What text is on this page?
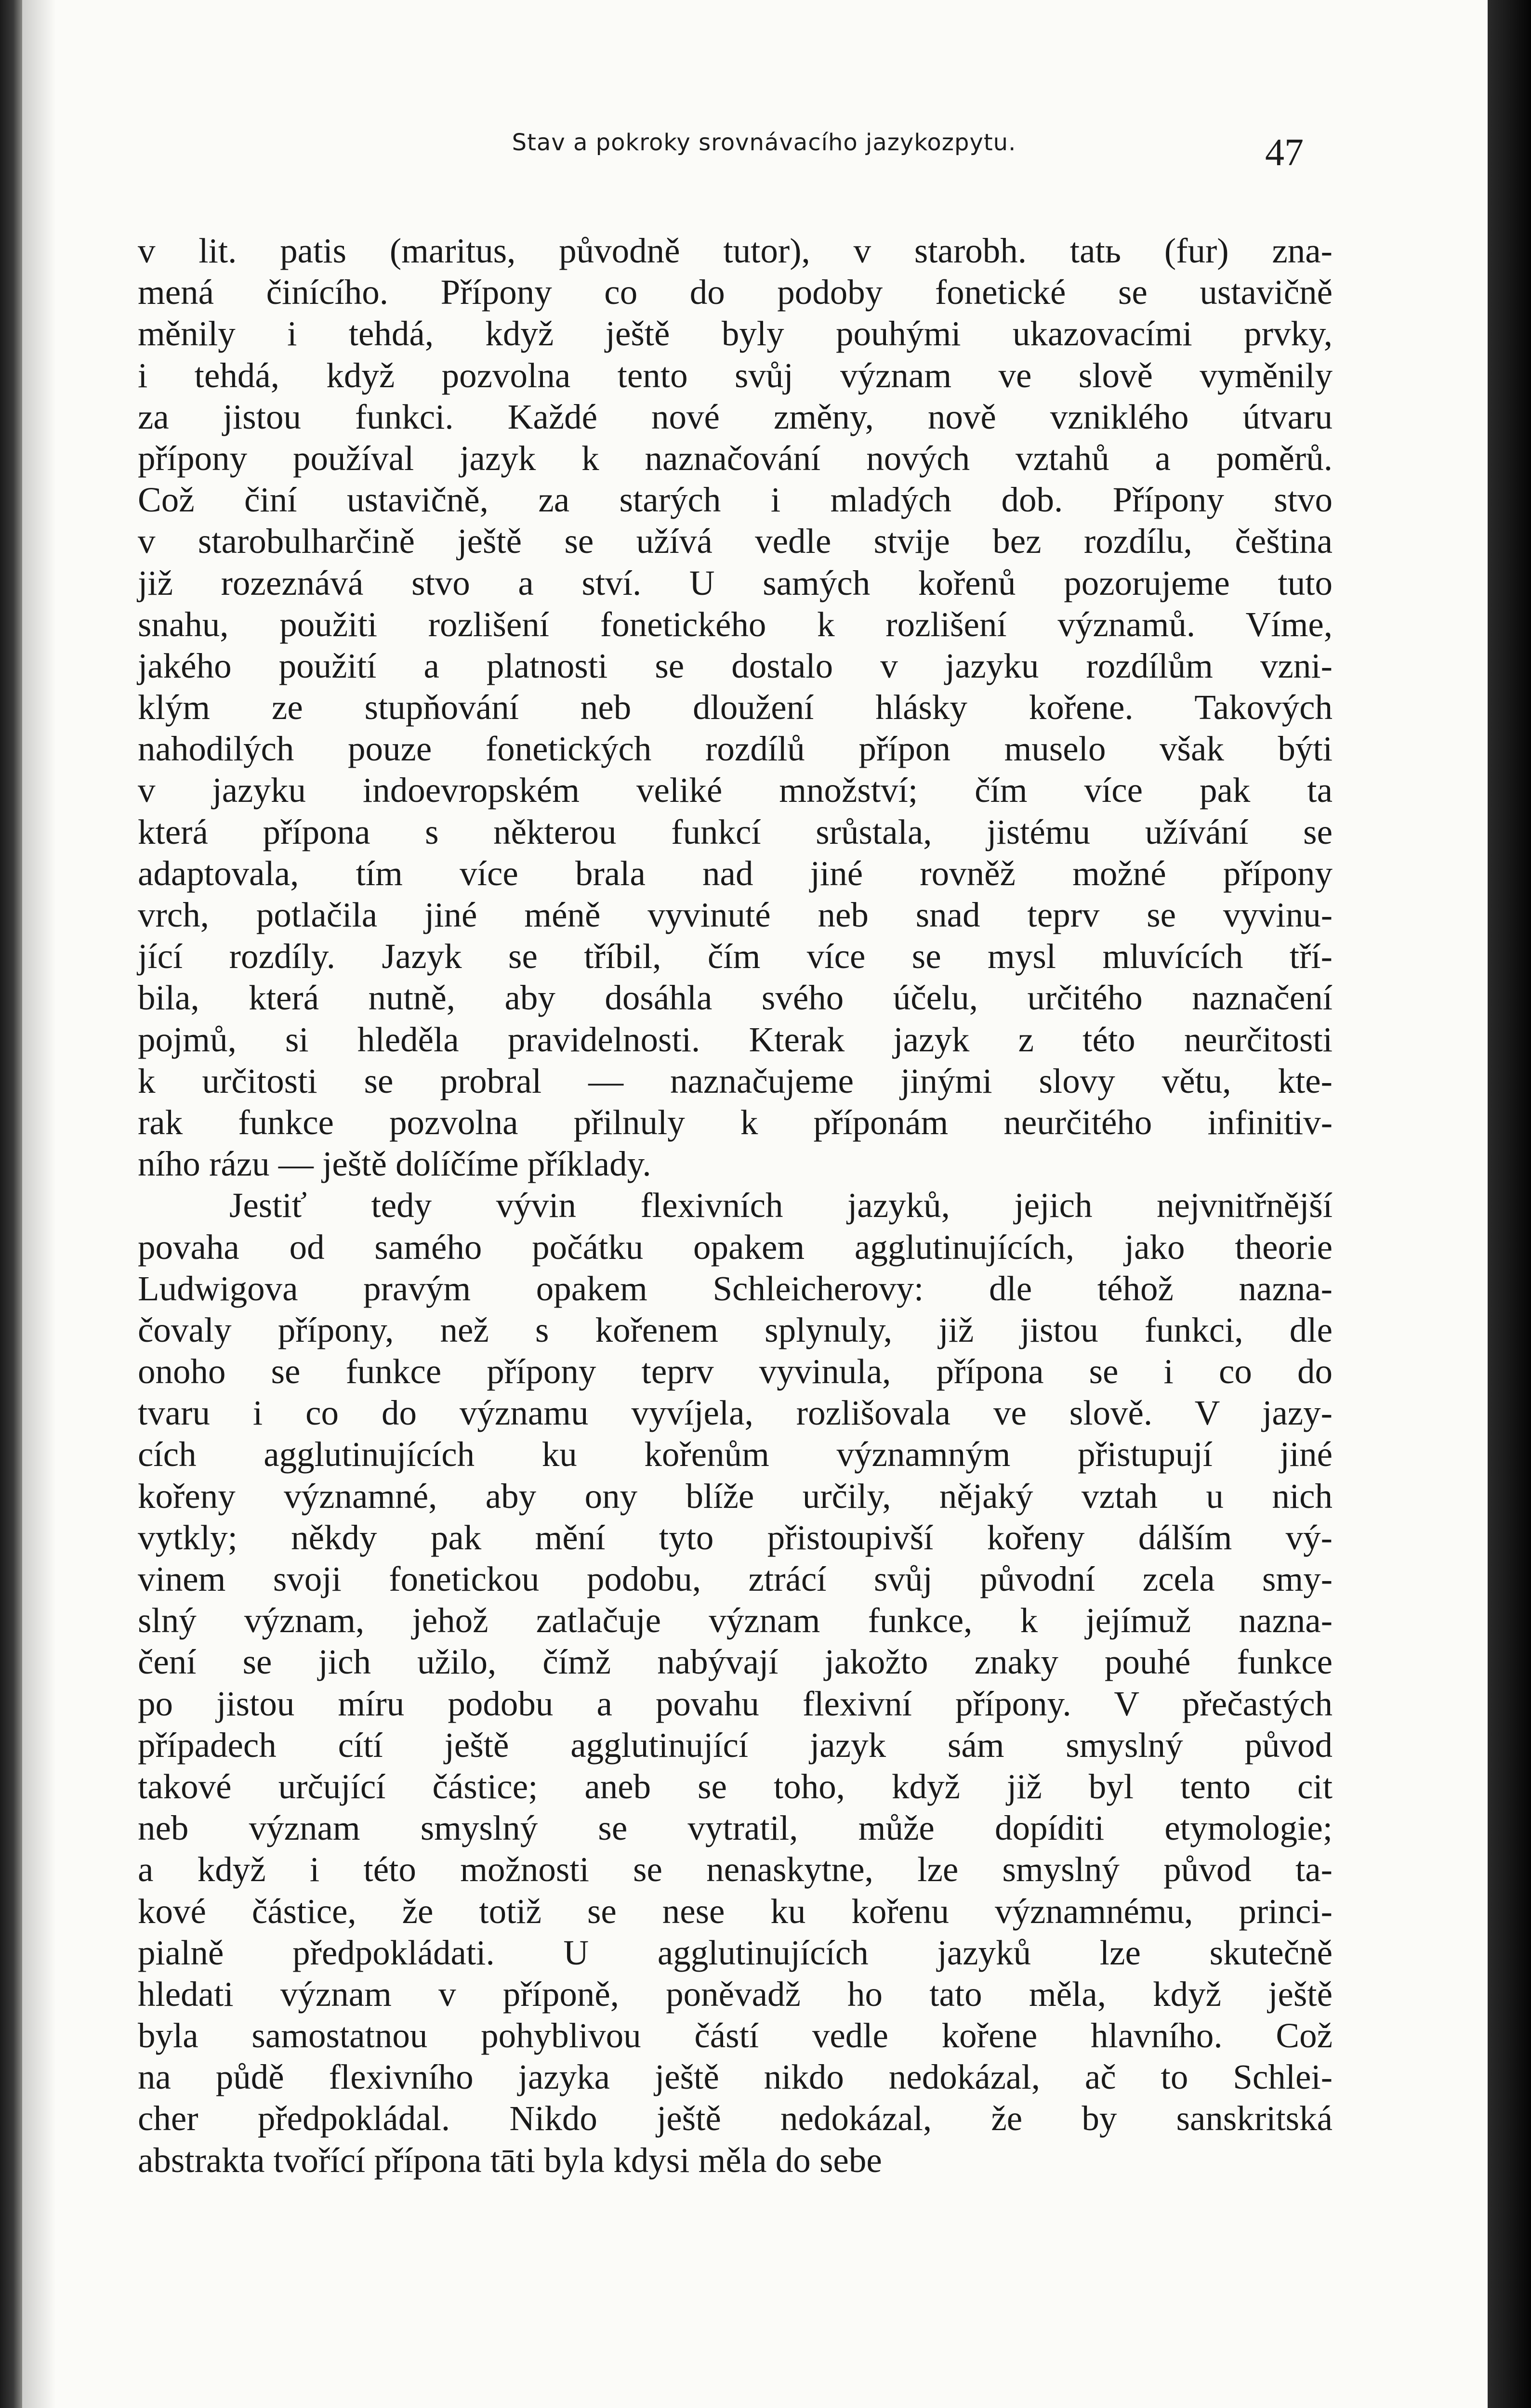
Stav a pokroky srovnávacího jazykozpytu.	47
v lit. patis (maritus, původně tutor), v starobh. tatь (fur) zna-
mená činícího. Přípony co do podoby fonetické se ustavičně
měnily i tehdá, když ještě byly pouhými ukazovacími prvky,
i tehdá, když pozvolna tento svůj význam ve slově vyměnily
za jistou funkci. Každé nové změny, nově vzniklého útvaru
přípony používal jazyk k naznačování nových vztahů a poměrů.
Což činí ustavičně, za starých i mladých dob. Přípony stvo
v starobulharčině ještě se užívá vedle stvije bez rozdílu, čeština
již rozeznává stvo a ství. U samých kořenů pozorujeme tuto
snahu, použiti rozlišení fonetického k rozlišení významů. Víme,
jakého použití a platnosti se dostalo v jazyku rozdílům vzni-
klým ze stupňování neb dloužení hlásky kořene. Takových
nahodilých pouze fonetických rozdílů přípon muselo však býti
v jazyku indoevropském veliké množství; čím více pak ta
která přípona s některou funkcí srůstala, jistému užívání se
adaptovala, tím více brala nad jiné rovněž možné přípony
vrch, potlačila jiné méně vyvinuté neb snad teprv se vyvinu-
jící rozdíly. Jazyk se tříbil, čím více se mysl mluvících tří-
bila, která nutně, aby dosáhla svého účelu, určitého naznačení
pojmů, si hleděla pravidelnosti. Kterak jazyk z této neurčitosti
k určitosti se probral — naznačujeme jinými slovy větu, kte-
rak funkce pozvolna přilnuly k příponám neurčitého infinitiv-
ního rázu — ještě dolíčíme příklady.
Jestiť tedy vývin flexivních jazyků, jejich nejvnitřnější
povaha od samého počátku opakem agglutinujících, jako theorie
Ludwigova pravým opakem Schleicherovy: dle téhož nazna-
čovaly přípony, než s kořenem splynuly, již jistou funkci, dle
onoho se funkce přípony teprv vyvinula, přípona se i co do
tvaru i co do významu vyvíjela, rozlišovala ve slově. V jazy-
cích agglutinujících ku kořenům významným přistupují jiné
kořeny významné, aby ony blíže určily, nějaký vztah u nich
vytkly; někdy pak mění tyto přistoupivší kořeny dálším vý-
vinem svoji fonetickou podobu, ztrácí svůj původní zcela smy-
slný význam, jehož zatlačuje význam funkce, k jejímuž nazna-
čení se jich užilo, čímž nabývají jakožto znaky pouhé funkce
po jistou míru podobu a povahu flexivní přípony. V přečastých
případech cítí ještě agglutinující jazyk sám smyslný původ
takové určující částice; aneb se toho, když již byl tento cit
neb význam smyslný se vytratil, může dopíditi etymologie;
a když i této možnosti se nenaskytne, lze smyslný původ ta-
kové částice, že totiž se nese ku kořenu významnému, princi-
pialně předpokládati. U agglutinujících jazyků lze skutečně
hledati význam v příponě, poněvadž ho tato měla, když ještě
byla samostatnou pohyblivou částí vedle kořene hlavního. Což
na půdě flexivního jazyka ještě nikdo nedokázal, ač to Schlei-
cher předpokládal. Nikdo ještě nedokázal, že by sanskritská
abstrakta tvořící přípona tāti byla kdysi měla do sebe
